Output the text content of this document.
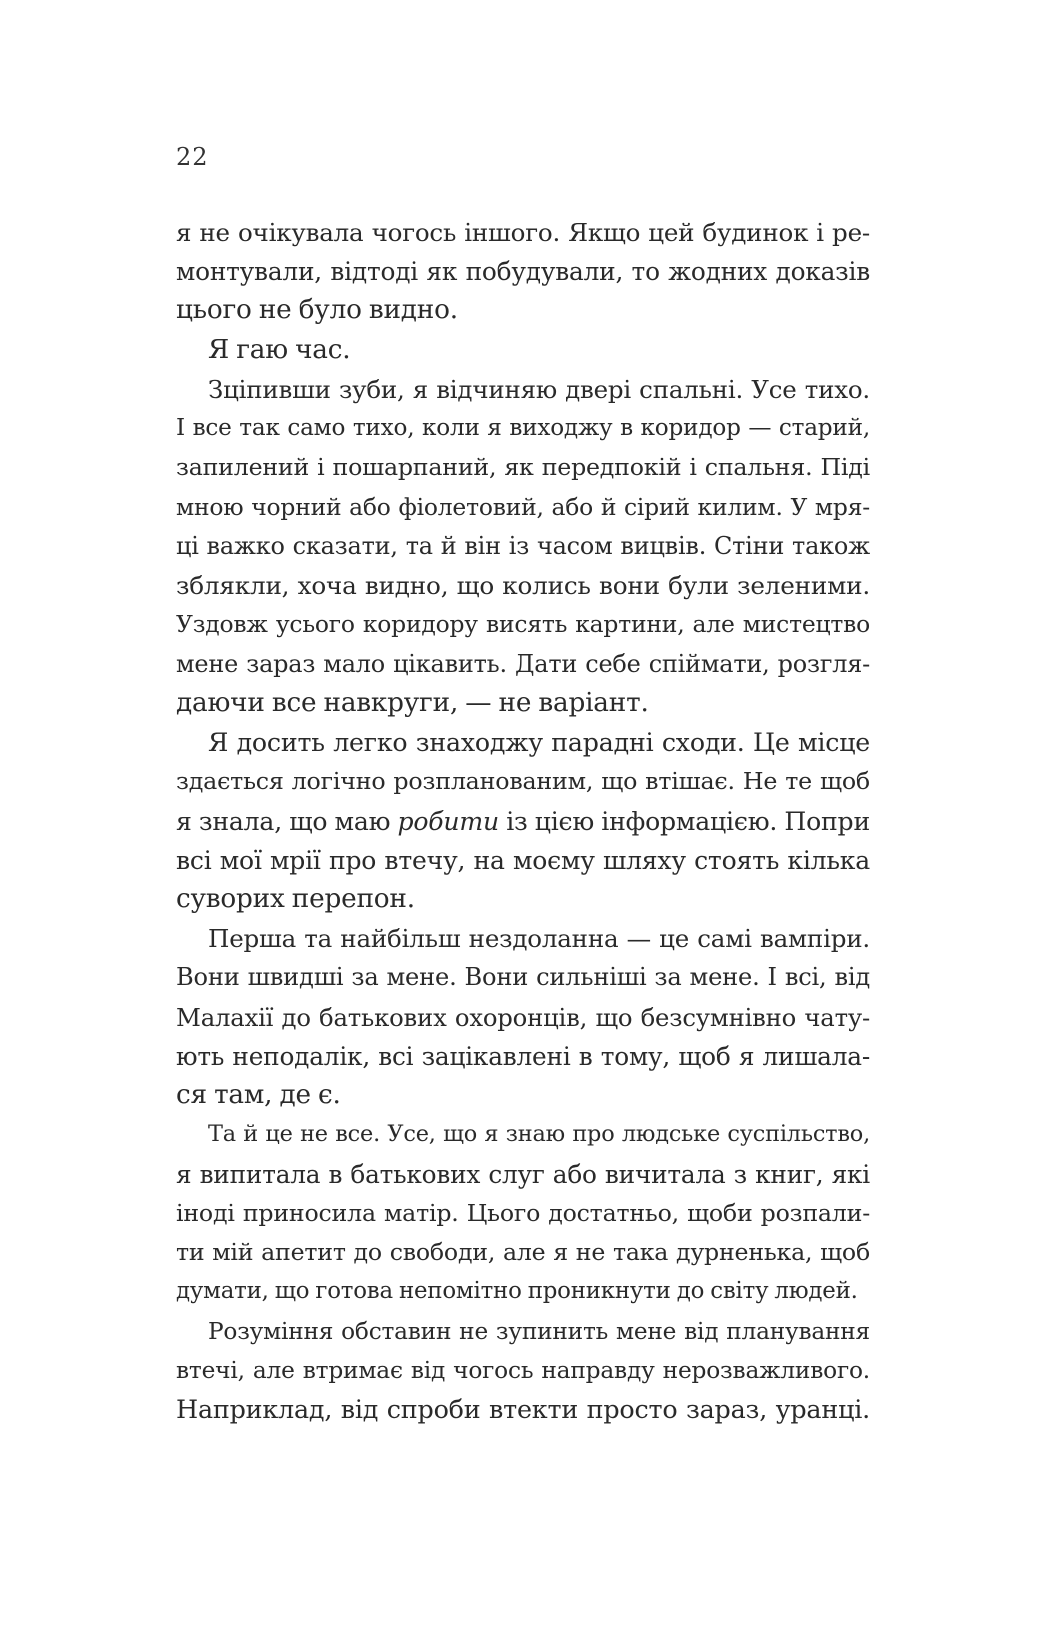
22
я не очікувала чогось іншого. Якщо цей будинок і ре-
монтували, відтоді як побудували, то жодних доказів
цього не було видно.
Я гаю час.
Зціпивши зуби, я відчиняю двері спальні. Усе тихо.
І все так само тихо, коли я виходжу в коридор — старий,
запилений і пошарпаний, як передпокій і спальня. Піді
мною чорний або фіолетовий, або й сірий килим. У мря-
ці важко сказати, та й він із часом вицвів. Стіни також
зблякли, хоча видно, що колись вони були зеленими.
Уздовж усього коридору висять картини, але мистецтво
мене зараз мало цікавить. Дати себе спіймати, розгля-
даючи все навкруги, — не варіант.
Я досить легко знаходжу парадні сходи. Це місце
здається логічно розпланованим, що втішає. Не те щоб
я знала, що маю робити із цією інформацією. Попри
всі мої мрії про втечу, на моєму шляху стоять кілька
суворих перепон.
Перша та найбільш нездоланна — це самі вампіри.
Вони швидші за мене. Вони сильніші за мене. І всі, від
Малахії до батькових охоронців, що безсумнівно чату-
ють неподалік, всі зацікавлені в тому, щоб я лишала-
ся там, де є.
Та й це не все. Усе, що я знаю про людське суспільство,
я випитала в батькових слуг або вичитала з книг, які
іноді приносила матір. Цього достатньо, щоби розпали-
ти мій апетит до свободи, але я не така дурненька, щоб
думати, що готова непомітно проникнути до світу людей.
Розуміння обставин не зупинить мене від планування
втечі, але втримає від чогось направду нерозважливого.
Наприклад, від спроби втекти просто зараз, уранці.
